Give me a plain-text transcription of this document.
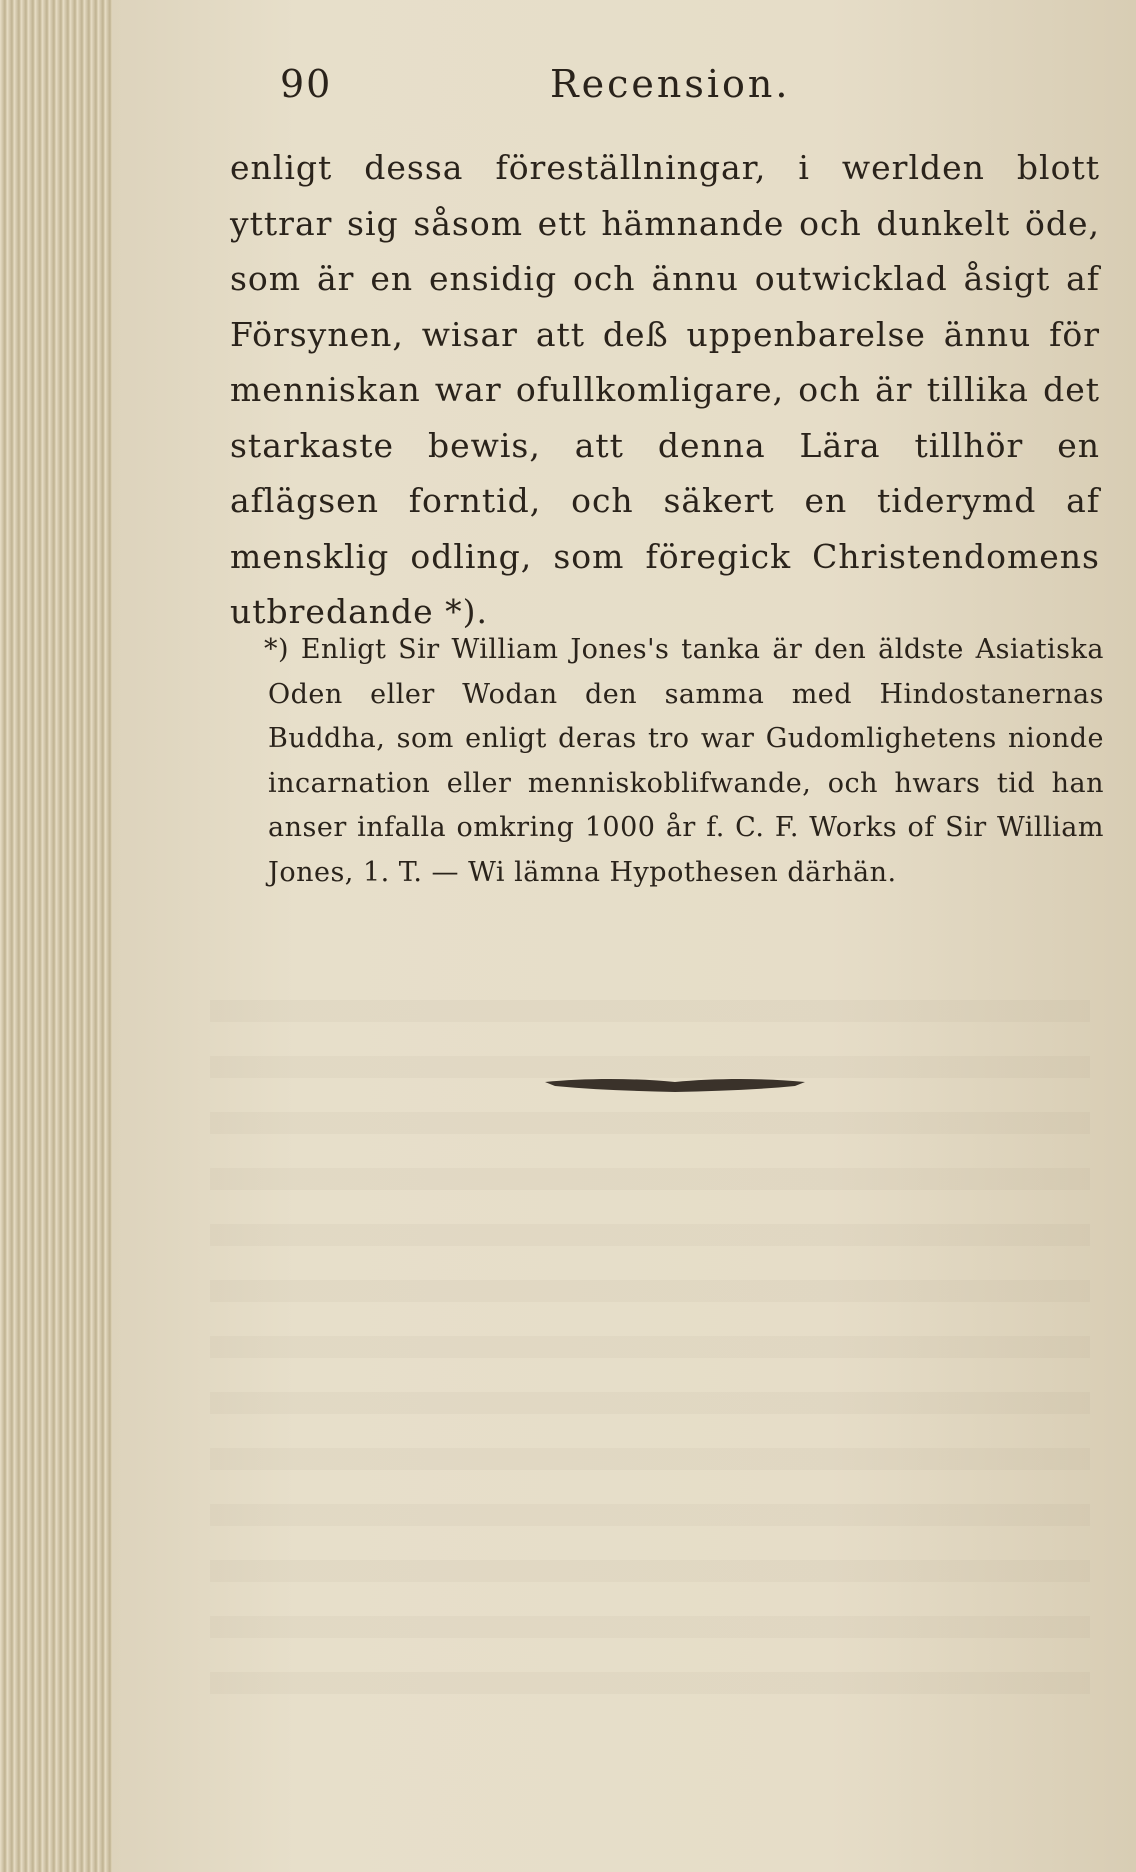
90	Recension.

enligt dessa föreställningar, i werlden blott yttrar sig såsom ett hämnande och dunkelt öde, som är en ensidig och ännu outwicklad åsigt af Försynen, wisar att deß uppenbarelse ännu för menniskan war ofullkomligare, och är tillika det starkaste bewis, att denna Lära tillhör en aflägsen forntid, och säkert en tiderymd af mensklig odling, som föregick Christendomens utbredande *).

*) Enligt Sir William Jones's tanka är den äldste Asiatiska Oden eller Wodan den samma med Hindostanernas Buddha, som enligt deras tro war Gudomlighetens nionde incarnation eller menniskoblifwande, och hwars tid han anser infalla omkring 1000 år f. C. F. Works of Sir William Jones, 1. T. — Wi lämna Hypothesen därhän.
